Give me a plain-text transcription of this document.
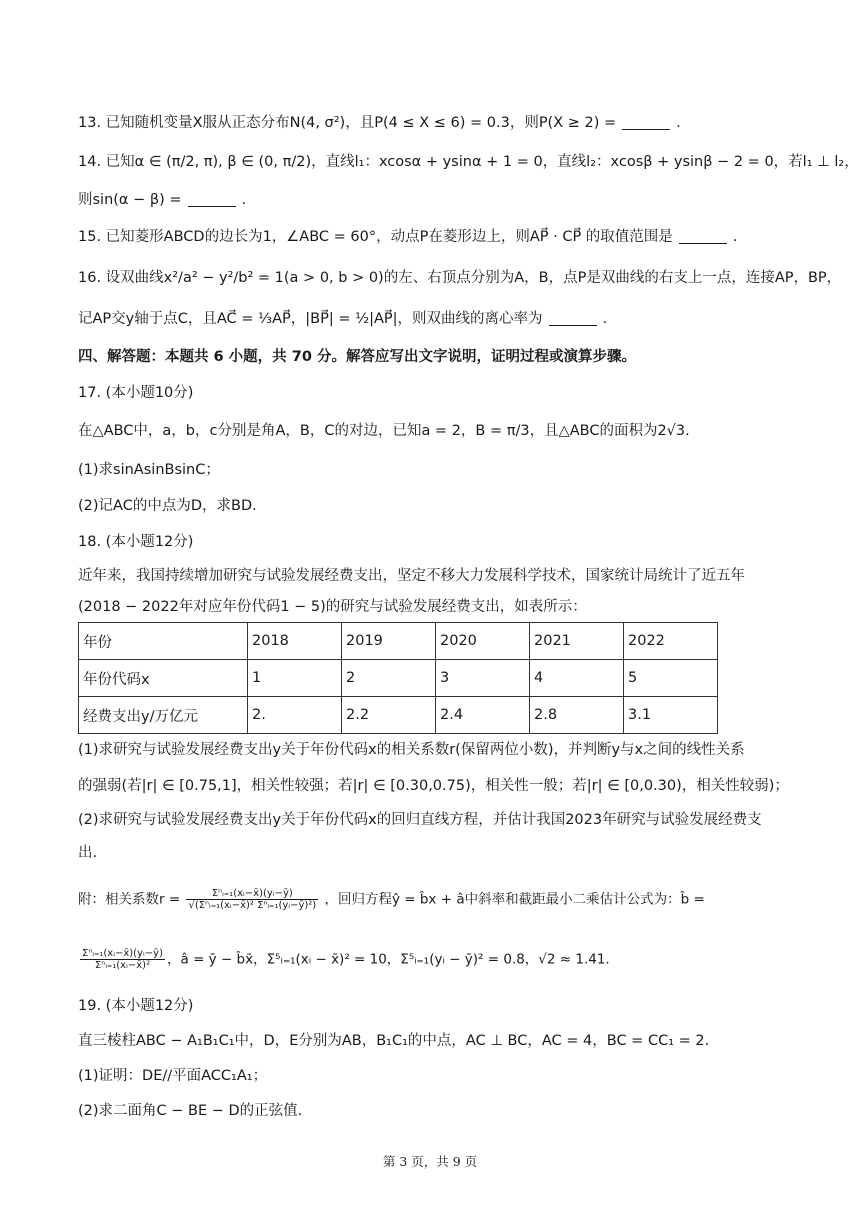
13. 已知随机变量X服从正态分布N(4, σ²)，且P(4 ≤ X ≤ 6) = 0.3，则P(X ≥ 2) =	.
14. 已知α ∈ (π/2, π), β ∈ (0, π/2)，直线l₁：xcosα + ysinα + 1 = 0，直线l₂：xcosβ + ysinβ − 2 = 0，若l₁ ⊥ l₂，
则sin(α − β) =	.
15. 已知菱形ABCD的边长为1，∠ABC = 60°，动点P在菱形边上，则AP⃗ · CP⃗ 的取值范围是	.
16. 设双曲线x²/a² − y²/b² = 1(a > 0, b > 0)的左、右顶点分别为A，B，点P是双曲线的右支上一点，连接AP，BP，
记AP交y轴于点C，且AC⃗ = ⅓AP⃗，|BP⃗| = ½|AP⃗|，则双曲线的离心率为	.
四、解答题：本题共 6 小题，共 70 分。解答应写出文字说明，证明过程或演算步骤。
17. (本小题10分)
在△ABC中，a，b，c分别是角A，B，C的对边，已知a = 2，B = π/3，且△ABC的面积为2√3.
(1)求sinAsinBsinC；
(2)记AC的中点为D，求BD.
18. (本小题12分)
近年来，我国持续增加研究与试验发展经费支出，坚定不移大力发展科学技术，国家统计局统计了近五年
(2018 − 2022年对应年份代码1 − 5)的研究与试验发展经费支出，如表所示：
年份	2018	2019	2020	2021	2022
年份代码x	1	2	3	4	5
经费支出y/万亿元	2.	2.2	2.4	2.8	3.1
(1)求研究与试验发展经费支出y关于年份代码x的相关系数r(保留两位小数)，并判断y与x之间的线性关系
的强弱(若|r| ∈ [0.75,1]，相关性较强；若|r| ∈ [0.30,0.75)，相关性一般；若|r| ∈ [0,0.30)，相关性较弱)；
(2)求研究与试验发展经费支出y关于年份代码x的回归直线方程，并估计我国2023年研究与试验发展经费支
出.
附：相关系数$r = \frac{\text{Σⁿᵢ₌₁(xᵢ−x̄)(yᵢ−ȳ)}}{\text{√(Σⁿᵢ₌₁(xᵢ−x̄)² Σⁿᵢ₌₁(yᵢ−ȳ)²)}}$ ，回归方程ŷ = b̂x + â中斜率和截距最小二乘估计公式为：b̂ =
$\frac{\text{Σⁿᵢ₌₁(xᵢ−x̄)(yᵢ−ȳ)}}{\text{Σⁿᵢ₌₁(xᵢ−x̄)²}}$ ，â = ȳ − b̂x̄，Σ⁵ᵢ₌₁(xᵢ − x̄)² = 10，Σ⁵ᵢ₌₁(yᵢ − ȳ)² = 0.8，√2 ≈ 1.41.
19. (本小题12分)
直三棱柱ABC − A₁B₁C₁中，D，E分别为AB，B₁C₁的中点，AC ⊥ BC，AC = 4，BC = CC₁ = 2.
(1)证明：DE//平面ACC₁A₁；
(2)求二面角C − BE − D的正弦值.
第 3 页，共 9 页
